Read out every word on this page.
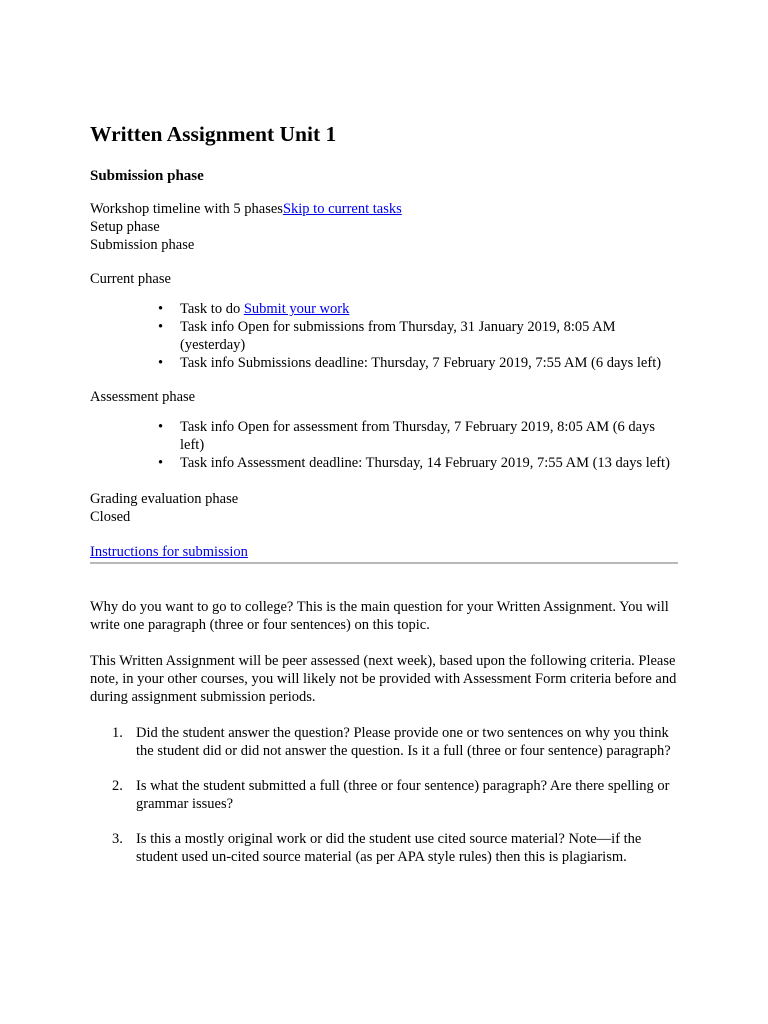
Written Assignment Unit 1
Submission phase
Workshop timeline with 5 phasesSkip to current tasks
Setup phase
Submission phase
Current phase
• Task to do Submit your work
• Task info Open for submissions from Thursday, 31 January 2019, 8:05 AM (yesterday)
• Task info Submissions deadline: Thursday, 7 February 2019, 7:55 AM (6 days left)
Assessment phase
• Task info Open for assessment from Thursday, 7 February 2019, 8:05 AM (6 days left)
• Task info Assessment deadline: Thursday, 14 February 2019, 7:55 AM (13 days left)
Grading evaluation phase
Closed
Instructions for submission

Why do you want to go to college? This is the main question for your Written Assignment. You will write one paragraph (three or four sentences) on this topic.

This Written Assignment will be peer assessed (next week), based upon the following criteria. Please note, in your other courses, you will likely not be provided with Assessment Form criteria before and during assignment submission periods.

1. Did the student answer the question? Please provide one or two sentences on why you think the student did or did not answer the question. Is it a full (three or four sentence) paragraph?
2. Is what the student submitted a full (three or four sentence) paragraph? Are there spelling or grammar issues?
3. Is this a mostly original work or did the student use cited source material? Note—if the student used un-cited source material (as per APA style rules) then this is plagiarism.
